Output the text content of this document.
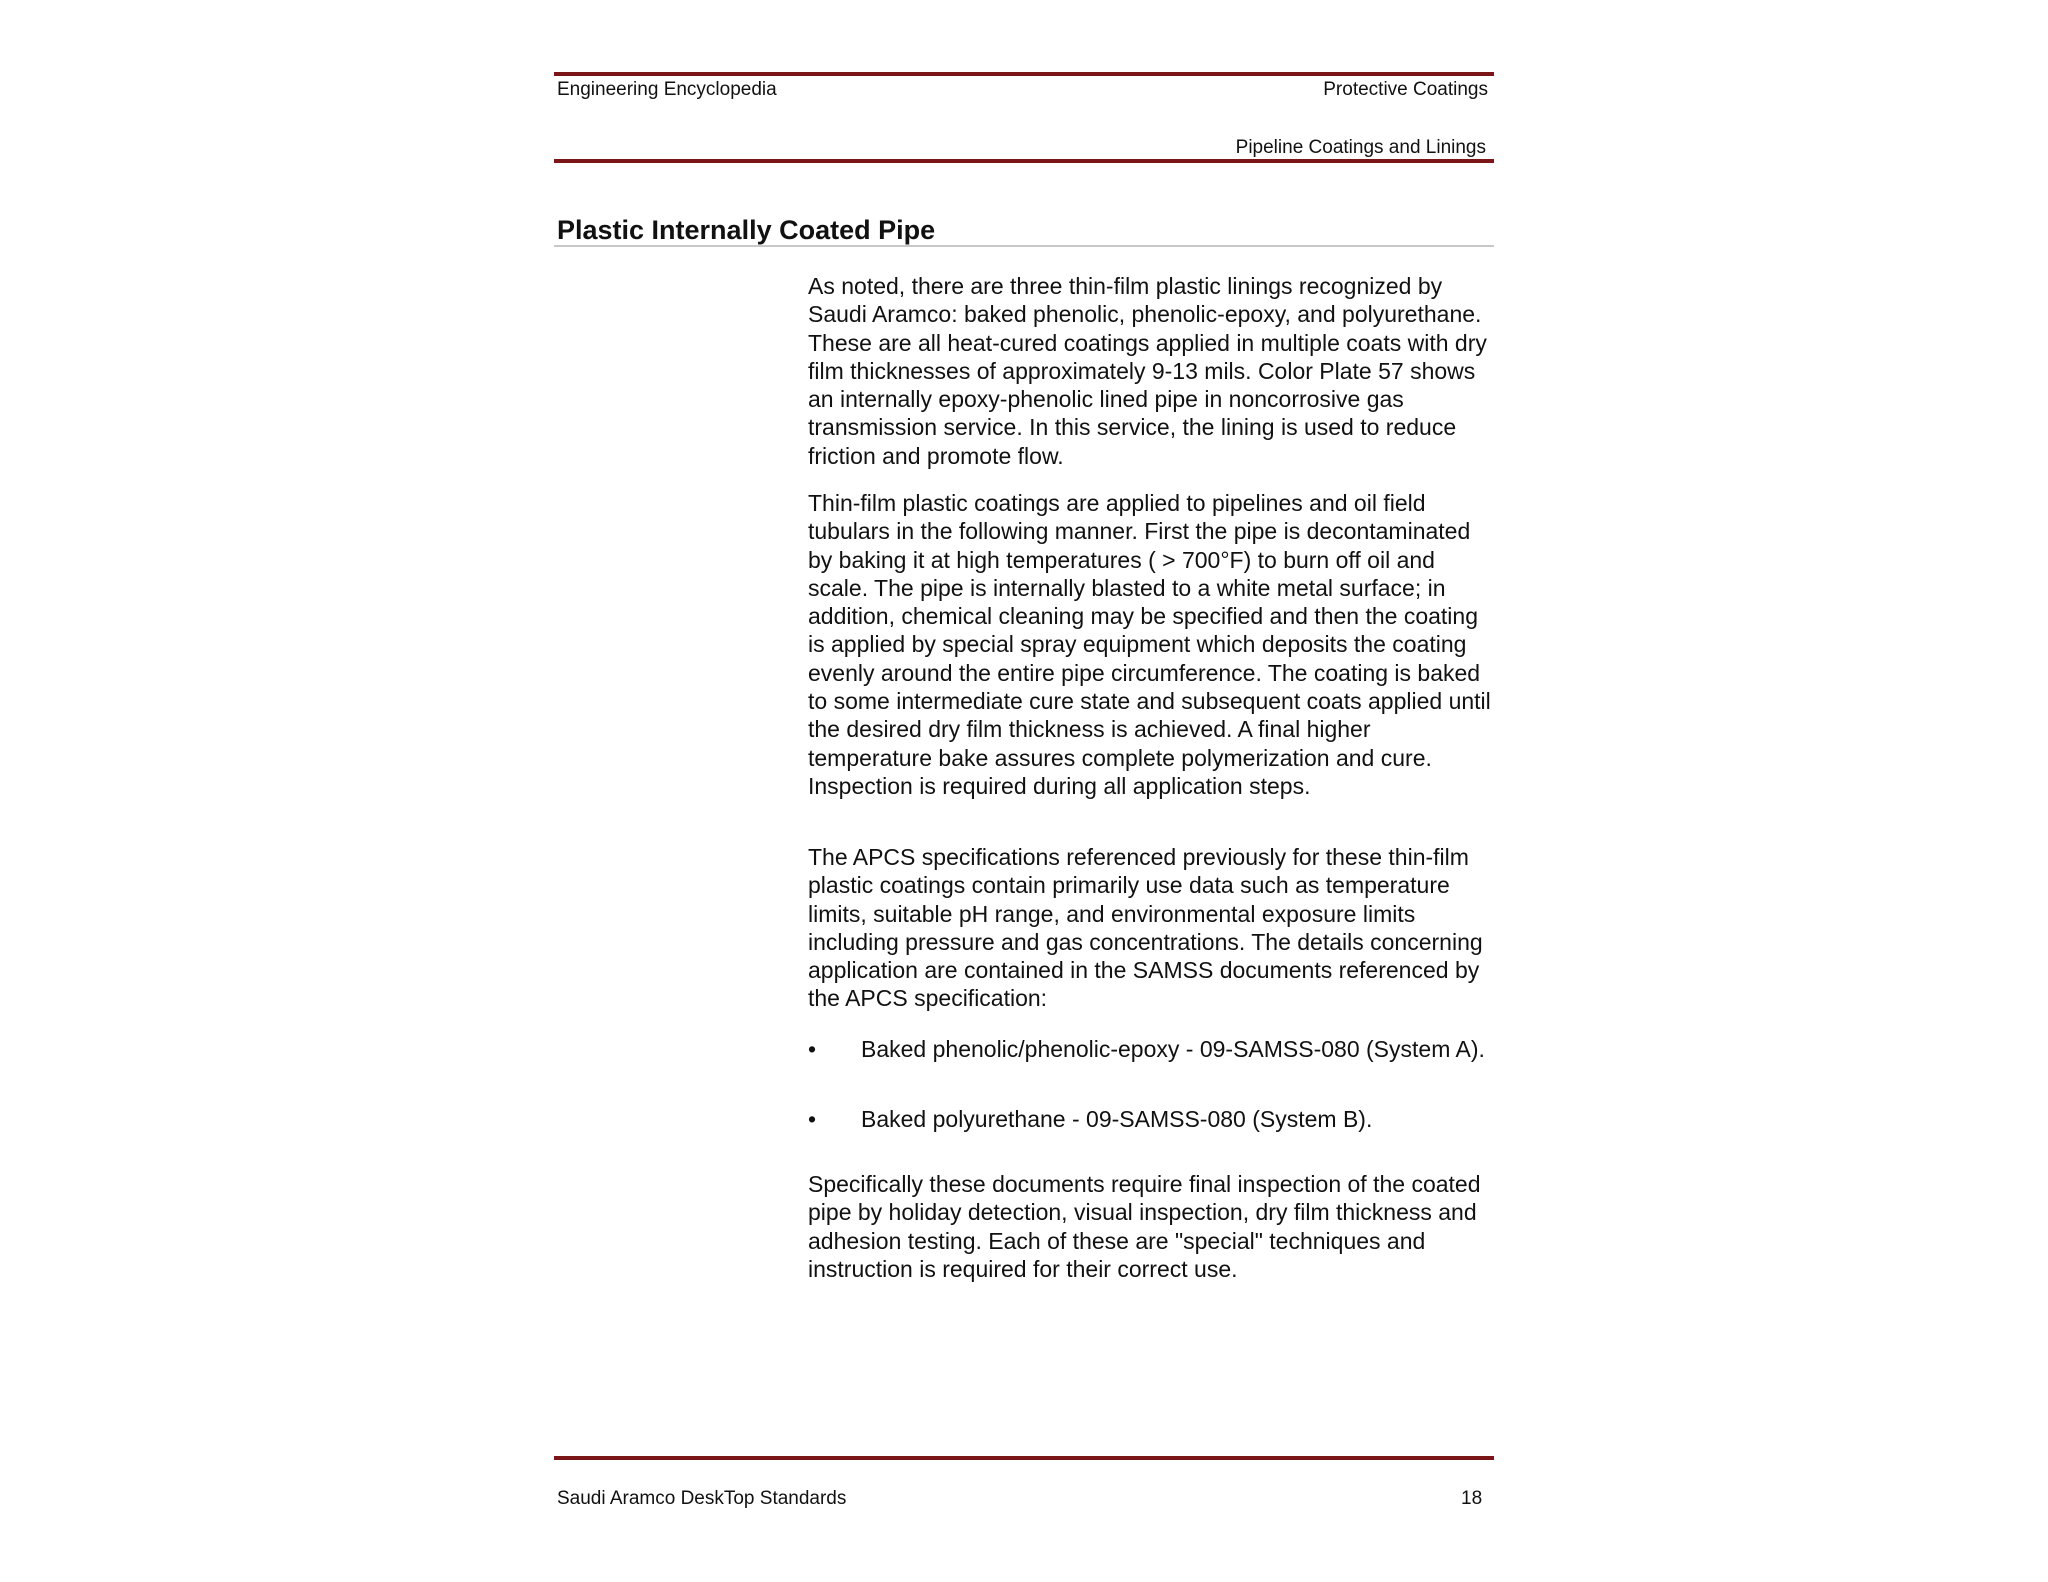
Engineering Encyclopedia	Protective Coatings
Pipeline Coatings and Linings
Plastic Internally Coated Pipe

As noted, there are three thin-film plastic linings recognized by Saudi Aramco: baked phenolic, phenolic-epoxy, and polyurethane. These are all heat-cured coatings applied in multiple coats with dry film thicknesses of approximately 9-13 mils. Color Plate 57 shows an internally epoxy-phenolic lined pipe in noncorrosive gas transmission service. In this service, the lining is used to reduce friction and promote flow.

Thin-film plastic coatings are applied to pipelines and oil field tubulars in the following manner. First the pipe is decontaminated by baking it at high temperatures ( > 700°F) to burn off oil and scale. The pipe is internally blasted to a white metal surface; in addition, chemical cleaning may be specified and then the coating is applied by special spray equipment which deposits the coating evenly around the entire pipe circumference. The coating is baked to some intermediate cure state and subsequent coats applied until the desired dry film thickness is achieved. A final higher temperature bake assures complete polymerization and cure. Inspection is required during all application steps.

The APCS specifications referenced previously for these thin-film plastic coatings contain primarily use data such as temperature limits, suitable pH range, and environmental exposure limits including pressure and gas concentrations. The details concerning application are contained in the SAMSS documents referenced by the APCS specification:

• Baked phenolic/phenolic-epoxy - 09-SAMSS-080 (System A).
• Baked polyurethane - 09-SAMSS-080 (System B).

Specifically these documents require final inspection of the coated pipe by holiday detection, visual inspection, dry film thickness and adhesion testing. Each of these are "special" techniques and instruction is required for their correct use.

Saudi Aramco DeskTop Standards	18
